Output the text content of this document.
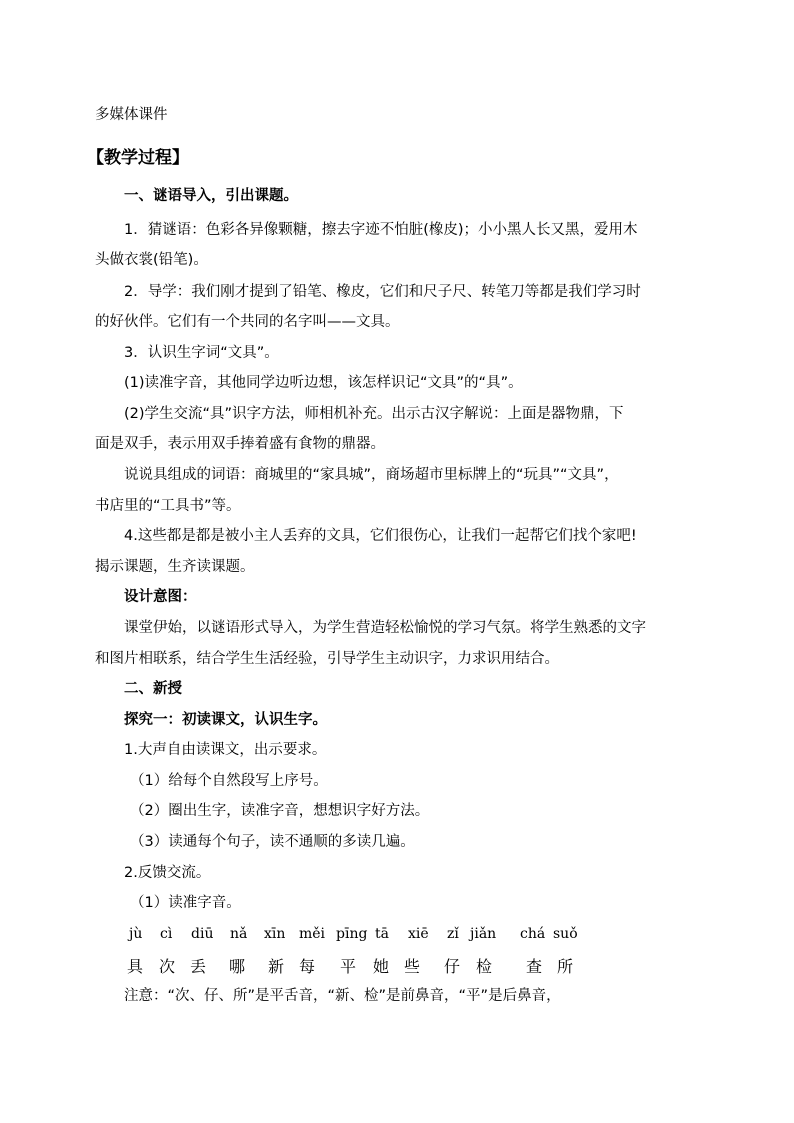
多媒体课件
【教学过程】
一、谜语导入，引出课题。
1．猜谜语：色彩各异像颗糖，擦去字迹不怕脏(橡皮)；小小黑人长又黑，爱用木
头做衣裳(铅笔)。
2．导学：我们刚才提到了铅笔、橡皮，它们和尺子尺、转笔刀等都是我们学习时
的好伙伴。它们有一个共同的名字叫——文具。
3．认识生字词“文具”。
(1)读准字音，其他同学边听边想，该怎样识记“文具”的“具”。
(2)学生交流“具”识字方法，师相机补充。出示古汉字解说：上面是器物鼎，下
面是双手，表示用双手捧着盛有食物的鼎器。
说说具组成的词语：商城里的“家具城”，商场超市里标牌上的“玩具”“文具”，
书店里的“工具书”等。
4.这些都是都是被小主人丢弃的文具，它们很伤心，让我们一起帮它们找个家吧!
揭示课题，生齐读课题。
设计意图：
课堂伊始，以谜语形式导入，为学生营造轻松愉悦的学习气氛。将学生熟悉的文字
和图片相联系，结合学生生活经验，引导学生主动识字，力求识用结合。
二、新授
探究一：初读课文，认识生字。
1.大声自由读课文，出示要求。
（1）给每个自然段写上序号。
（2）圈出生字，读准字音，想想识字好方法。
（3）读通每个句子，读不通顺的多读几遍。
2.反馈交流。
（1）读准字音。
jù cì diū nǎ xīn měi pīng tā xiē zǐ jiǎn chá suǒ
具 次 丢 哪 新 每 平 她 些 仔 检 查 所
注意：“次、仔、所”是平舌音，“新、检”是前鼻音，“平”是后鼻音，
